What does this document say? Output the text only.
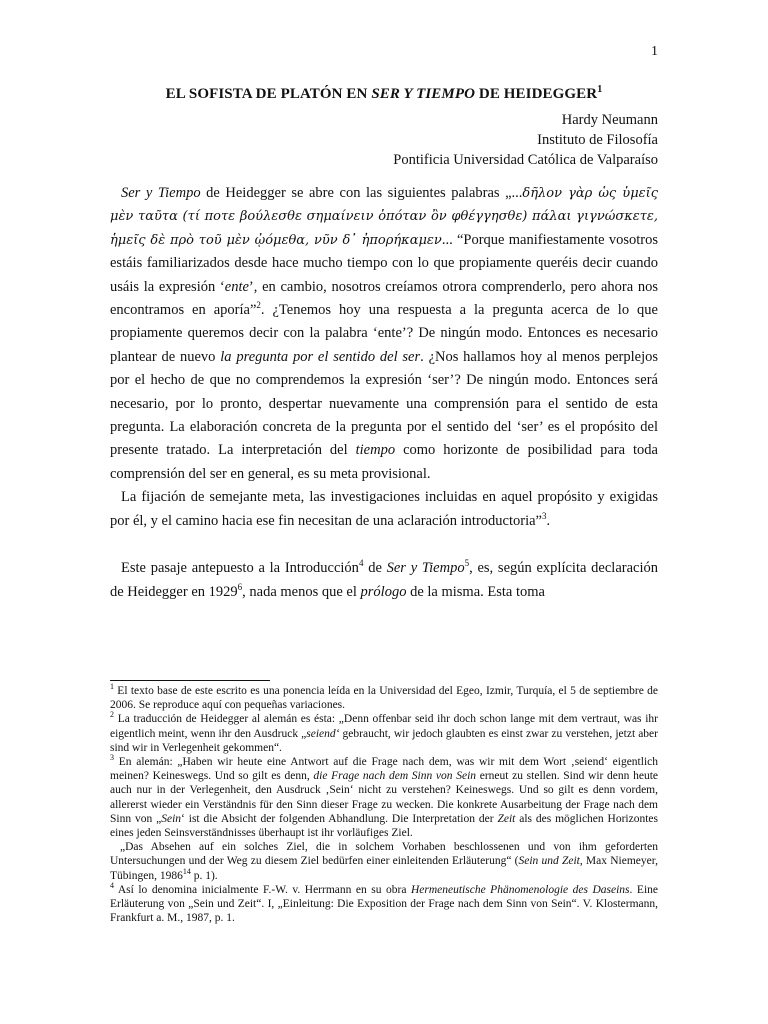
1
EL SOFISTA DE PLATÓN EN SER Y TIEMPO DE HEIDEGGER$^1$
Hardy Neumann
Instituto de Filosofía
Pontificia Universidad Católica de Valparaíso

Ser y Tiempo de Heidegger se abre con las siguientes palabras „...δῆλον γὰρ ὡς ὑμεῖς μὲν ταῦτα (τί ποτε βούλεσθε σημαίνειν ὁπόταν ὂν φθέγγησθε) πάλαι γιγνώσκετε, ἡμεῖς δὲ πρὸ τοῦ μὲν ᾠόμεθα, νῦν δ᾽ ἠπορήκαμεν... “Porque manifiestamente vosotros estáis familiarizados desde hace mucho tiempo con lo que propiamente queréis decir cuando usáis la expresión ‘ente’, en cambio, nosotros creíamos otrora comprenderlo, pero ahora nos encontramos en aporía”$^2$. ¿Tenemos hoy una respuesta a la pregunta acerca de lo que propiamente queremos decir con la palabra ‘ente’? De ningún modo. Entonces es necesario plantear de nuevo la pregunta por el sentido del ser. ¿Nos hallamos hoy al menos perplejos por el hecho de que no comprendemos la expresión ‘ser’? De ningún modo. Entonces será necesario, por lo pronto, despertar nuevamente una comprensión para el sentido de esta pregunta. La elaboración concreta de la pregunta por el sentido del ‘ser’ es el propósito del presente tratado. La interpretación del tiempo como horizonte de posibilidad para toda comprensión del ser en general, es su meta provisional.

La fijación de semejante meta, las investigaciones incluidas en aquel propósito y exigidas por él, y el camino hacia ese fin necesitan de una aclaración introductoria”$^3$.

Este pasaje antepuesto a la Introducción$^4$ de Ser y Tiempo$^5$, es, según explícita declaración de Heidegger en 1929$^6$, nada menos que el prólogo de la misma. Esta toma

$^1$ El texto base de este escrito es una ponencia leída en la Universidad del Egeo, Izmir, Turquía, el 5 de septiembre de 2006. Se reproduce aquí con pequeñas variaciones.

$^2$ La traducción de Heidegger al alemán es ésta: „Denn offenbar seid ihr doch schon lange mit dem vertraut, was ihr eigentlich meint, wenn ihr den Ausdruck „seiend‘ gebraucht, wir jedoch glaubten es einst zwar zu verstehen, jetzt aber sind wir in Verlegenheit gekommen“.

$^3$ En alemán: „Haben wir heute eine Antwort auf die Frage nach dem, was wir mit dem Wort ‚seiend‘ eigentlich meinen? Keineswegs. Und so gilt es denn, die Frage nach dem Sinn von Sein erneut zu stellen. Sind wir denn heute auch nur in der Verlegenheit, den Ausdruck ‚Sein‘ nicht zu verstehen? Keineswegs. Und so gilt es denn vordem, allererst wieder ein Verständnis für den Sinn dieser Frage zu wecken. Die konkrete Ausarbeitung der Frage nach dem Sinn von „Sein‘ ist die Absicht der folgenden Abhandlung. Die Interpretation der Zeit als des möglichen Horizontes eines jeden Seinsverständnisses überhaupt ist ihr vorläufiges Ziel.

„Das Absehen auf ein solches Ziel, die in solchem Vorhaben beschlossenen und von ihm geforderten Untersuchungen und der Weg zu diesem Ziel bedürfen einer einleitenden Erläuterung“ (Sein und Zeit, Max Niemeyer, Tübingen, 1986$^{14}$ p. 1).

$^4$ Así lo denomina inicialmente F.-W. v. Herrmann en su obra Hermeneutische Phänomenologie des Daseins. Eine Erläuterung von „Sein und Zeit“. I, „Einleitung: Die Exposition der Frage nach dem Sinn von Sein“. V. Klostermann, Frankfurt a. M., 1987, p. 1.
